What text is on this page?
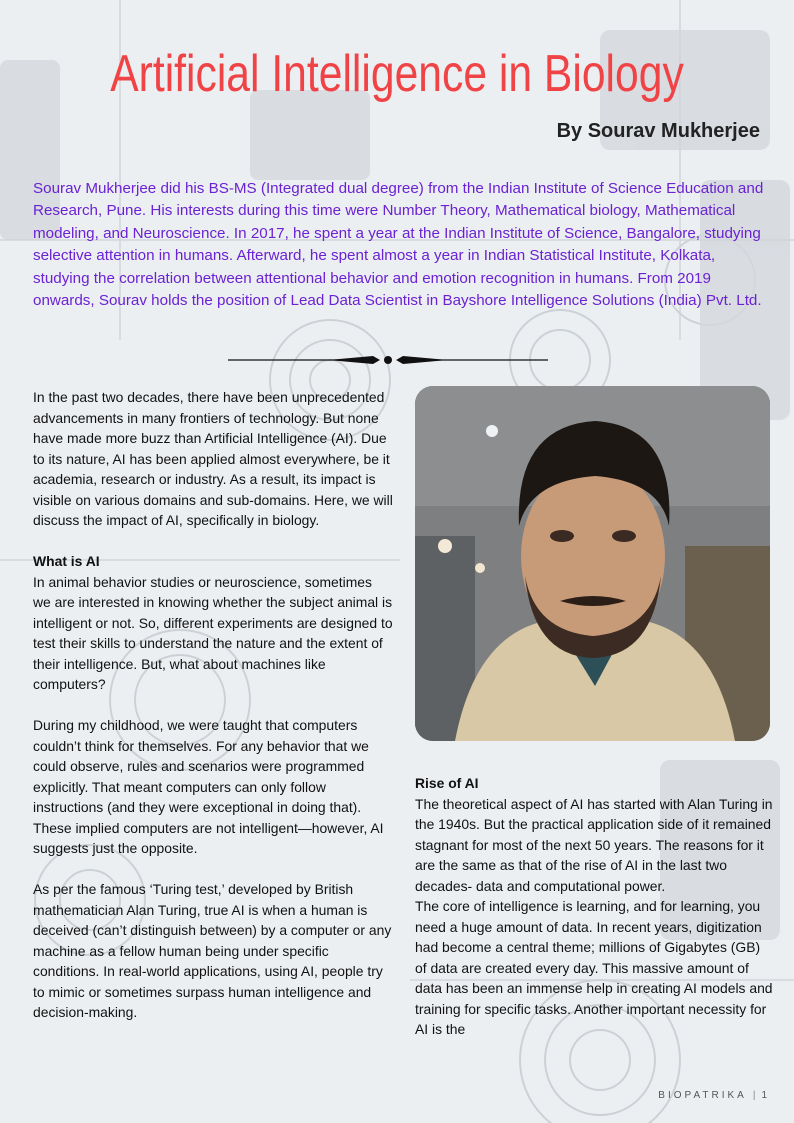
Artificial Intelligence in Biology
By Sourav Mukherjee
Sourav Mukherjee did his BS-MS (Integrated dual degree) from the Indian Institute of Science Education and Research, Pune. His interests during this time were Number Theory, Mathematical biology, Mathematical modeling, and Neuroscience. In 2017, he spent a year at the Indian Institute of Science, Bangalore, studying selective attention in humans. Afterward, he spent almost a year in Indian Statistical Institute, Kolkata, studying the correlation between attentional behavior and emotion recognition in humans. From 2019 onwards, Sourav holds the position of Lead Data Scientist in Bayshore Intelligence Solutions (India) Pvt. Ltd.

In the past two decades, there have been unprecedented advancements in many frontiers of technology. But none have made more buzz than Artificial Intelligence (AI). Due to its nature, AI has been applied almost everywhere, be it academia, research or industry. As a result, its impact is visible on various domains and sub-domains. Here, we will discuss the impact of AI, specifically in biology.

What is AI

In animal behavior studies or neuroscience, sometimes we are interested in knowing whether the subject animal is intelligent or not. So, different experiments are designed to test their skills to understand the nature and the extent of their intelligence. But, what about machines like computers?

During my childhood, we were taught that computers couldn’t think for themselves. For any behavior that we could observe, rules and scenarios were programmed explicitly. That meant computers can only follow instructions (and they were exceptional in doing that). These implied computers are not intelligent—however, AI suggests just the opposite.

As per the famous ‘Turing test,’ developed by British mathematician Alan Turing, true AI is when a human is deceived (can’t distinguish between) by a computer or any machine as a fellow human being under specific conditions. In real-world applications, using AI, people try to mimic or sometimes surpass human intelligence and decision-making.

Rise of AI

The theoretical aspect of AI has started with Alan Turing in the 1940s. But the practical application side of it remained stagnant for most of the next 50 years. The reasons for it are the same as that of the rise of AI in the last two decades- data and computational power.

The core of intelligence is learning, and for learning, you need a huge amount of data. In recent years, digitization had become a central theme; millions of Gigabytes (GB) of data are created every day. This massive amount of data has been an immense help in creating AI models and training for specific tasks. Another important necessity for AI is the

BIOPATRIKA | 1
